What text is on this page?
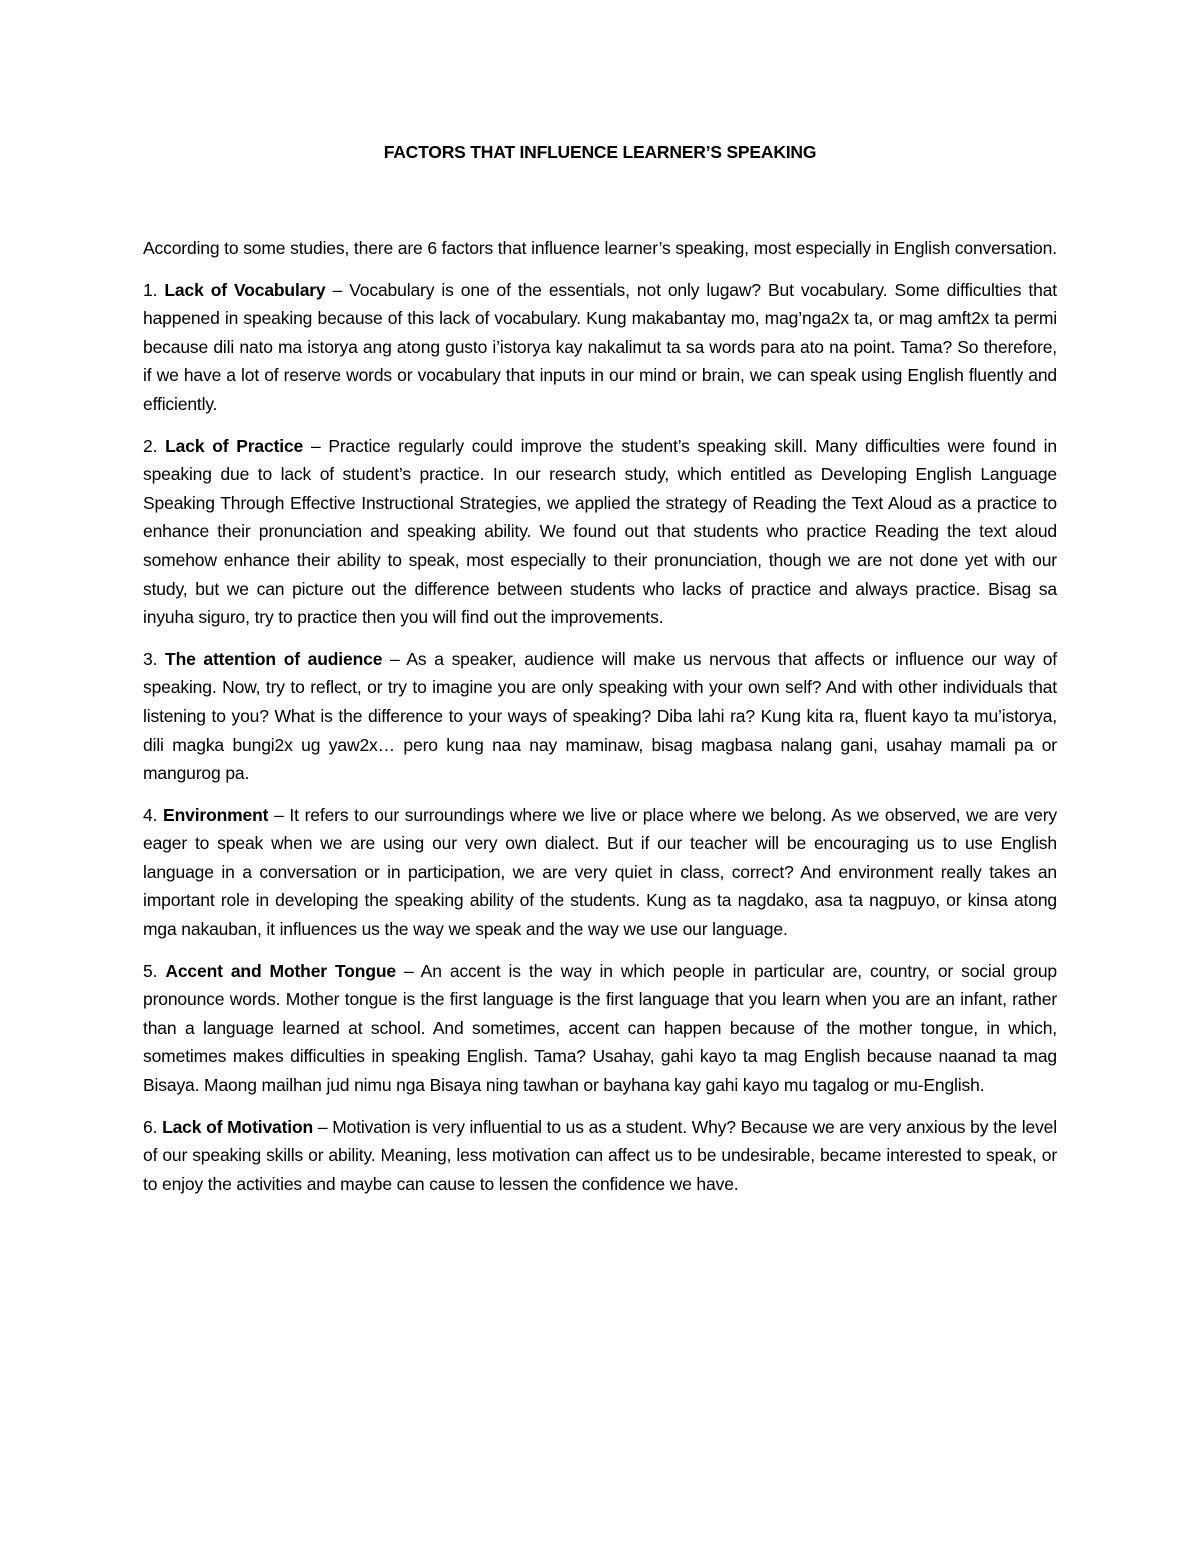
FACTORS THAT INFLUENCE LEARNER’S SPEAKING

According to some studies, there are 6 factors that influence learner’s speaking, most especially in English conversation.

1. Lack of Vocabulary – Vocabulary is one of the essentials, not only lugaw? But vocabulary. Some difficulties that happened in speaking because of this lack of vocabulary. Kung makabantay mo, mag’nga2x ta, or mag amft2x ta permi because dili nato ma istorya ang atong gusto i’istorya kay nakalimut ta sa words para ato na point. Tama? So therefore, if we have a lot of reserve words or vocabulary that inputs in our mind or brain, we can speak using English fluently and efficiently.

2. Lack of Practice – Practice regularly could improve the student’s speaking skill. Many difficulties were found in speaking due to lack of student’s practice. In our research study, which entitled as Developing English Language Speaking Through Effective Instructional Strategies, we applied the strategy of Reading the Text Aloud as a practice to enhance their pronunciation and speaking ability. We found out that students who practice Reading the text aloud somehow enhance their ability to speak, most especially to their pronunciation, though we are not done yet with our study, but we can picture out the difference between students who lacks of practice and always practice. Bisag sa inyuha siguro, try to practice then you will find out the improvements.

3. The attention of audience – As a speaker, audience will make us nervous that affects or influence our way of speaking. Now, try to reflect, or try to imagine you are only speaking with your own self? And with other individuals that listening to you? What is the difference to your ways of speaking? Diba lahi ra? Kung kita ra, fluent kayo ta mu’istorya, dili magka bungi2x ug yaw2x… pero kung naa nay maminaw, bisag magbasa nalang gani, usahay mamali pa or mangurog pa.

4. Environment – It refers to our surroundings where we live or place where we belong. As we observed, we are very eager to speak when we are using our very own dialect. But if our teacher will be encouraging us to use English language in a conversation or in participation, we are very quiet in class, correct? And environment really takes an important role in developing the speaking ability of the students. Kung as ta nagdako, asa ta nagpuyo, or kinsa atong mga nakauban, it influences us the way we speak and the way we use our language.

5. Accent and Mother Tongue – An accent is the way in which people in particular are, country, or social group pronounce words. Mother tongue is the first language is the first language that you learn when you are an infant, rather than a language learned at school. And sometimes, accent can happen because of the mother tongue, in which, sometimes makes difficulties in speaking English. Tama? Usahay, gahi kayo ta mag English because naanad ta mag Bisaya. Maong mailhan jud nimu nga Bisaya ning tawhan or bayhana kay gahi kayo mu tagalog or mu-English.

6. Lack of Motivation – Motivation is very influential to us as a student. Why? Because we are very anxious by the level of our speaking skills or ability. Meaning, less motivation can affect us to be undesirable, became interested to speak, or to enjoy the activities and maybe can cause to lessen the confidence we have.
